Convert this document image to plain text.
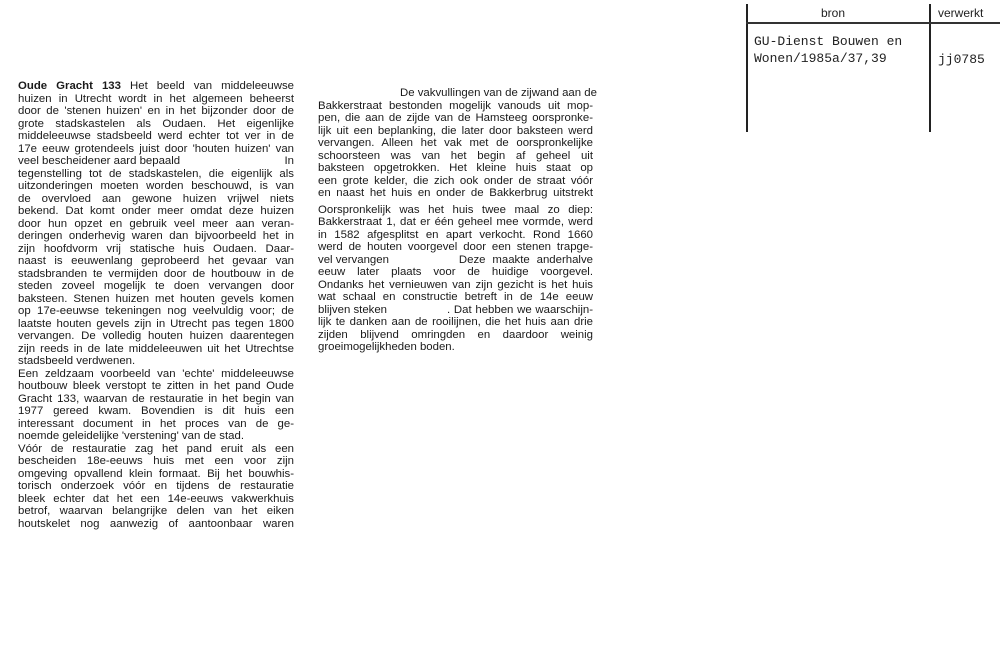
bron	verwerkt
GU-Dienst Bouwen en
Wonen/1985a/37,39	jj0785
Oude Gracht 133 Het beeld van middeleeuwse
huizen in Utrecht wordt in het algemeen beheerst
door de 'stenen huizen' en in het bijzonder door de
grote stadskastelen als Oudaen. Het eigenlijke
middeleeuwse stadsbeeld werd echter tot ver in de
17e eeuw grotendeels juist door 'houten huizen' van
veel bescheidener aard bepaald	In
tegenstelling tot de stadskastelen, die eigenlijk als
uitzonderingen moeten worden beschouwd, is van
de overvloed aan gewone huizen vrijwel niets
bekend. Dat komt onder meer omdat deze huizen
door hun opzet en gebruik veel meer aan veran-
deringen onderhevig waren dan bijvoorbeeld het in
zijn hoofdvorm vrij statische huis Oudaen. Daar-
naast is eeuwenlang geprobeerd het gevaar van
stadsbranden te vermijden door de houtbouw in de
steden zoveel mogelijk te doen vervangen door
baksteen. Stenen huizen met houten gevels komen
op 17e-eeuwse tekeningen nog veelvuldig voor; de
laatste houten gevels zijn in Utrecht pas tegen 1800
vervangen. De volledig houten huizen daarentegen
zijn reeds in de late middeleeuwen uit het Utrechtse
stadsbeeld verdwenen.
Een zeldzaam voorbeeld van 'echte' middeleeuwse
houtbouw bleek verstopt te zitten in het pand Oude
Gracht 133, waarvan de restauratie in het begin van
1977 gereed kwam. Bovendien is dit huis een
interessant document in het proces van de ge-
noemde geleidelijke 'verstening' van de stad.
Vóór de restauratie zag het pand eruit als een
bescheiden 18e-eeuws huis met een voor zijn
omgeving opvallend klein formaat. Bij het bouwhis-
torisch onderzoek vóór en tijdens de restauratie
bleek echter dat het een 14e-eeuws vakwerkhuis
betrof, waarvan belangrijke delen van het eiken
houtskelet nog aanwezig of aantoonbaar waren
De vakvullingen van de zijwand aan de
Bakkerstraat bestonden mogelijk vanouds uit mop-
pen, die aan de zijde van de Hamsteeg oorspronke-
lijk uit een beplanking, die later door baksteen werd
vervangen. Alleen het vak met de oorspronkelijke
schoorsteen was van het begin af geheel uit
baksteen opgetrokken. Het kleine huis staat op
een grote kelder, die zich ook onder de straat vóór
en naast het huis en onder de Bakkerbrug uitstrekt
Oorspronkelijk was het huis twee maal zo diep:
Bakkerstraat 1, dat er één geheel mee vormde, werd
in 1582 afgesplitst en apart verkocht. Rond 1660
werd de houten voorgevel door een stenen trapge-
vel vervangen	Deze maakte anderhalve
eeuw later plaats voor de huidige voorgevel.
Ondanks het vernieuwen van zijn gezicht is het huis
wat schaal en constructie betreft in de 14e eeuw
blijven steken	. Dat hebben we waarschijn-
lijk te danken aan de rooilijnen, die het huis aan drie
zijden blijvend omringden en daardoor weinig
groeimogelijkheden boden.
